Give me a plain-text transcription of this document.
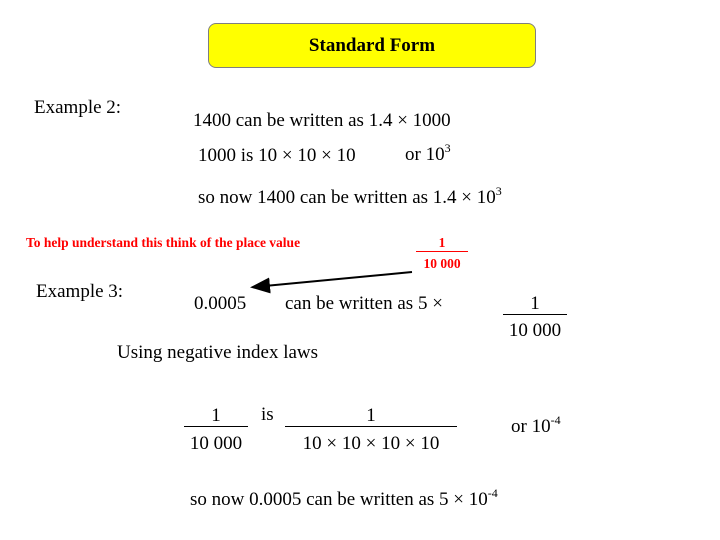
Standard Form
Example 2:
1400 can be written as 1.4 × 1000
1000 is 10 × 10 × 10	or $10^3$
so now 1400 can be written as $1.4 \times 10^3$
To help understand this think of the place value	1
10 000
Example 3:
0.0005 can be written as 5 ×	1
10 000
Using negative index laws
1
10 000
is	1
10 × 10 × 10 × 10
or $10^{-4}$
so now 0.0005 can be written as $5 \times 10^{-4}$
